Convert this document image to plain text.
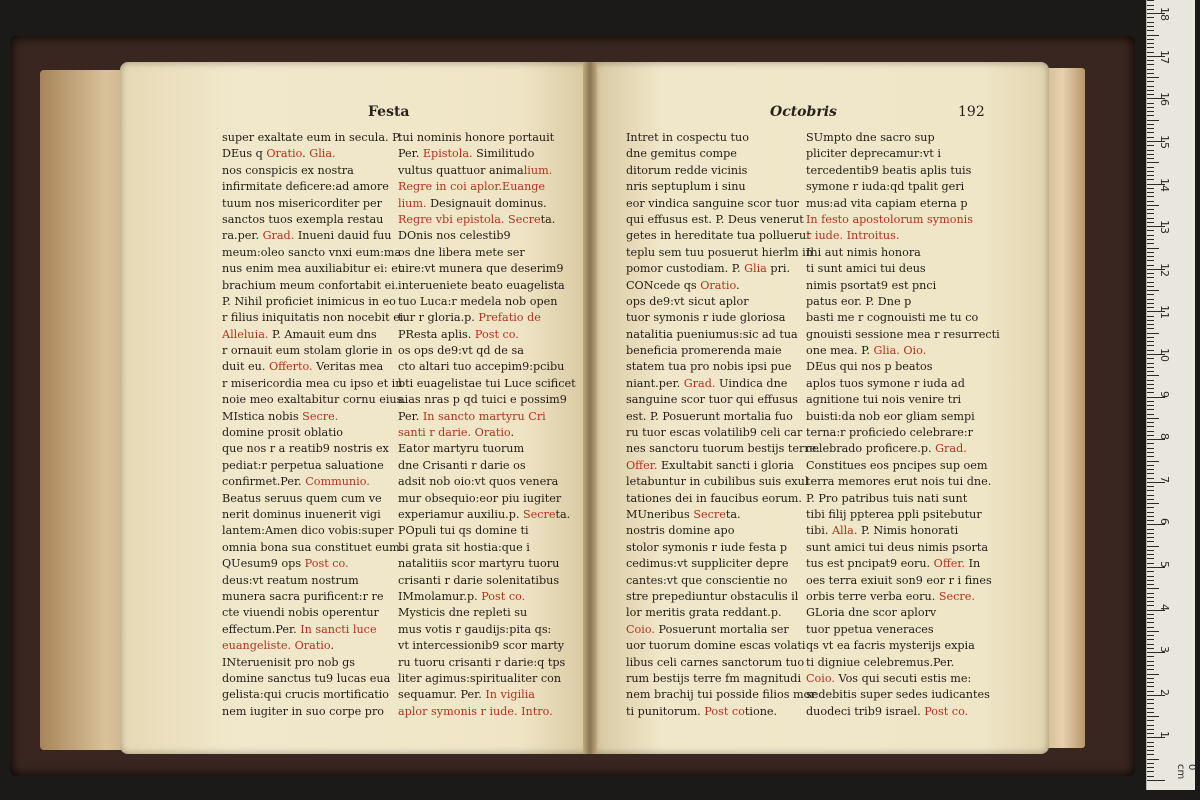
Festa	Octobris	192
super exaltate eum in secula. P.
DEus q Oratio. Glia.
nos conspicis ex nostra
infirmitate deficere:ad amore
tuum nos misericorditer per
sanctos tuos exempla restau
ra.per. Grad. Inueni dauid fuu
meum:oleo sancto vnxi eum:ma
nus enim mea auxiliabitur ei: et
brachium meum confortabit ei.
P. Nihil proficiet inimicus in eo
r filius iniquitatis non nocebit ei.
Alleluia. P. Amauit eum dns
r ornauit eum stolam glorie in
duit eu. Offerto. Veritas mea
r misericordia mea cu ipso et in
noie meo exaltabitur cornu eius.
MIstica nobis Secre.
domine prosit oblatio
que nos r a reatib9 nostris ex
pediat:r perpetua saluatione
confirmet.Per. Communio.
Beatus seruus quem cum ve
nerit dominus inuenerit vigi
lantem:Amen dico vobis:super
omnia bona sua constituet eum.
QUesum9 ops Post co.
deus:vt reatum nostrum
munera sacra purificent:r re
cte viuendi nobis operentur
effectum.Per. In sancti luce
euangeliste. Oratio.
INteruenisit pro nob gs
domine sanctus tu9 lucas eua
gelista:qui crucis mortificatio
nem iugiter in suo corpe pro
tui nominis honore portauit
Per. Epistola. Similitudo
vultus quattuor animalium.
Regre in coi aplor.Euange
lium. Designauit dominus.
Regre vbi epistola. Secreta.
DOnis nos celestib9
os dne libera mete ser
uire:vt munera que deserim9
interueniete beato euagelista
tuo Luca:r medela nob open
tur r gloria.p. Prefatio de
PResta aplis. Post co.
os ops de9:vt qd de sa
cto altari tuo accepim9:pcibu
bti euagelistae tui Luce scificet
aias nras p qd tuici e possim9
Per. In sancto martyru Cri
santi r darie. Oratio.
Eator martyru tuorum
dne Crisanti r darie os
adsit nob oio:vt quos venera
mur obsequio:eor piu iugiter
experiamur auxiliu.p. Secreta.
POpuli tui qs domine ti
bi grata sit hostia:que i
natalitiis scor martyru tuoru
crisanti r darie solenitatibus
IMmolamur.p. Post co.
Mysticis dne repleti su
mus votis r gaudijs:pita qs:
vt intercessionib9 scor marty
ru tuoru crisanti r darie:q tps
liter agimus:spiritualiter con
sequamur. Per. In vigilia
aplor symonis r iude. Intro.
Intret in cospectu tuo
dne gemitus compe
ditorum redde vicinis
nris septuplum i sinu
eor vindica sanguine scor tuor
qui effusus est. P. Deus venerut
getes in hereditate tua polluerut
teplu sem tuu posuerut hierlm in
pomor custodiam. P. Glia pri.
CONcede qs Oratio.
ops de9:vt sicut aplor
tuor symonis r iude gloriosa
natalitia pueniumus:sic ad tua
beneficia promerenda maie
statem tua pro nobis ipsi pue
niant.per. Grad. Uindica dne
sanguine scor tuor qui effusus
est. P. Posuerunt mortalia fuo
ru tuor escas volatilib9 celi car
nes sanctoru tuorum bestijs terre.
Offer. Exultabit sancti i gloria
letabuntur in cubilibus suis exul
tationes dei in faucibus eorum.
MUneribus Secreta.
nostris domine apo
stolor symonis r iude festa p
cedimus:vt suppliciter depre
cantes:vt que conscientie no
stre prepediuntur obstaculis il
lor meritis grata reddant.p.
Coio. Posuerunt mortalia ser
uor tuorum domine escas volati
libus celi carnes sanctorum tuo
rum bestijs terre fm magnitudi
nem brachij tui posside filios mor
ti punitorum. Post cotione.
SUmpto dne sacro sup
pliciter deprecamur:vt i
tercedentib9 beatis aplis tuis
symone r iuda:qd tpalit geri
mus:ad vita capiam eterna p
In festo apostolorum symonis
r iude. Introitus.
Ihi aut nimis honora
ti sunt amici tui deus
nimis psortat9 est pnci
patus eor. P. Dne p
basti me r cognouisti me tu co
gnouisti sessione mea r resurrecti
one mea. P. Glia. Oio.
DEus qui nos p beatos
aplos tuos symone r iuda ad
agnitione tui nois venire tri
buisti:da nob eor gliam sempi
terna:r proficiedo celebrare:r
celebrado proficere.p. Grad.
Constitues eos pncipes sup oem
terra memores erut nois tui dne.
P. Pro patribus tuis nati sunt
tibi filij ppterea ppli psitebutur
tibi. Alla. P. Nimis honorati
sunt amici tui deus nimis psorta
tus est pncipat9 eoru. Offer. In
oes terra exiuit son9 eor r i fines
orbis terre verba eoru. Secre.
GLoria dne scor aplorv
tuor ppetua veneraces
qs vt ea facris mysterijs expia
ti digniue celebremus.Per.
Coio. Vos qui secuti estis me:
sedebitis super sedes iudicantes
duodeci trib9 israel. Post co.
1
2
3
4
5
6
7
8
9
10
11
12
13
14
15
16
17
18
0 cm
